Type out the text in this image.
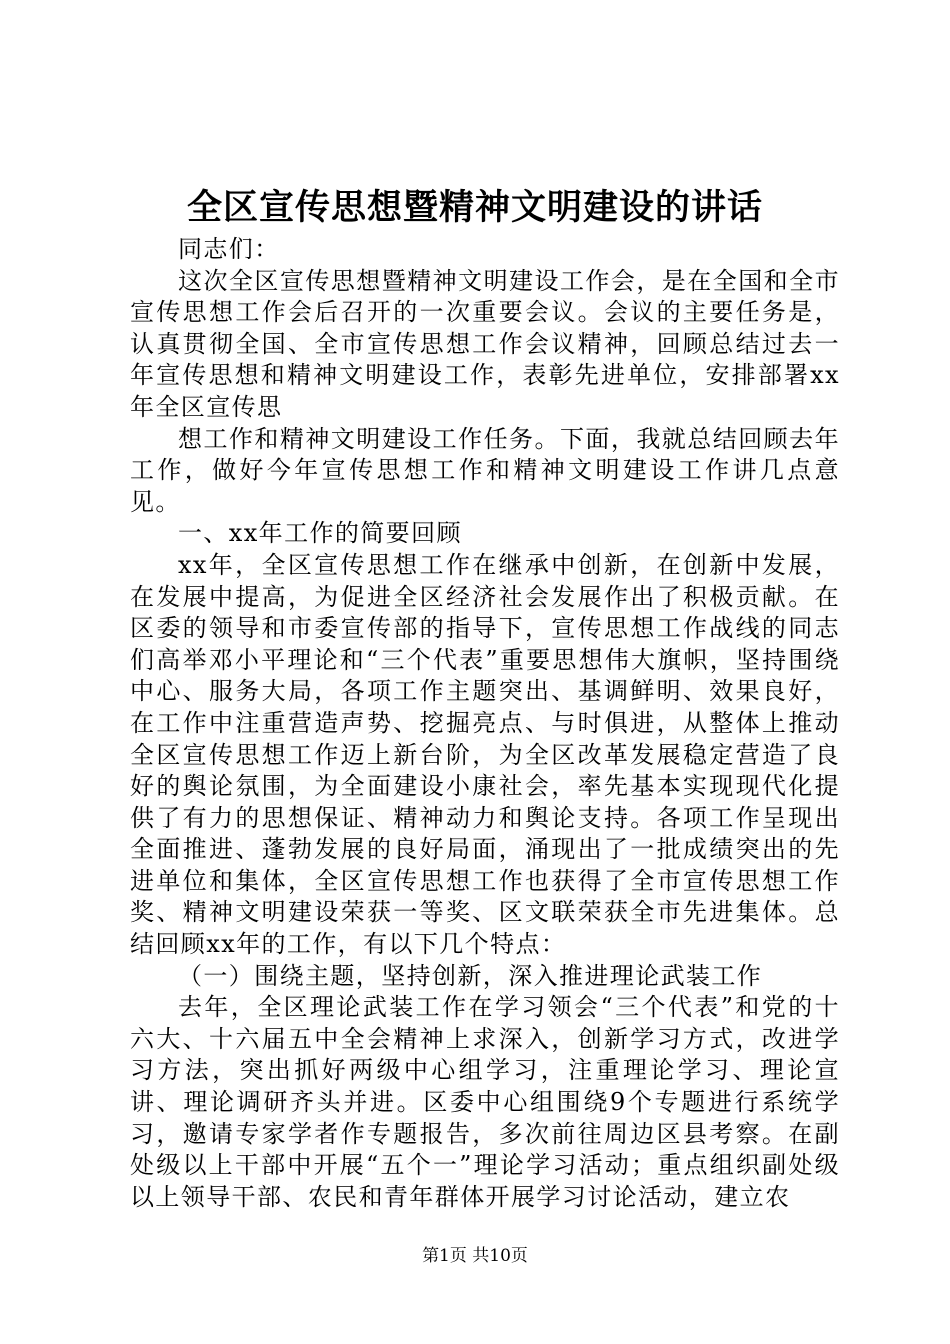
全区宣传思想暨精神文明建设的讲话

同志们：

这次全区宣传思想暨精神文明建设工作会，是在全国和全市宣传思想工作会后召开的一次重要会议。会议的主要任务是，认真贯彻全国、全市宣传思想工作会议精神，回顾总结过去一年宣传思想和精神文明建设工作，表彰先进单位，安排部署xx年全区宣传思

想工作和精神文明建设工作任务。下面，我就总结回顾去年工作，做好今年宣传思想工作和精神文明建设工作讲几点意见。

一、xx年工作的简要回顾

xx年，全区宣传思想工作在继承中创新，在创新中发展，在发展中提高，为促进全区经济社会发展作出了积极贡献。在区委的领导和市委宣传部的指导下，宣传思想工作战线的同志们高举邓小平理论和“三个代表”重要思想伟大旗帜，坚持围绕中心、服务大局，各项工作主题突出、基调鲜明、效果良好，在工作中注重营造声势、挖掘亮点、与时俱进，从整体上推动全区宣传思想工作迈上新台阶，为全区改革发展稳定营造了良好的舆论氛围，为全面建设小康社会，率先基本实现现代化提供了有力的思想保证、精神动力和舆论支持。各项工作呈现出全面推进、蓬勃发展的良好局面，涌现出了一批成绩突出的先进单位和集体，全区宣传思想工作也获得了全市宣传思想工作奖、精神文明建设荣获一等奖、区文联荣获全市先进集体。总结回顾xx年的工作，有以下几个特点：

（一）围绕主题，坚持创新，深入推进理论武装工作

去年，全区理论武装工作在学习领会“三个代表”和党的十六大、十六届五中全会精神上求深入，创新学习方式，改进学习方法，突出抓好两级中心组学习，注重理论学习、理论宣讲、理论调研齐头并进。区委中心组围绕9个专题进行系统学习，邀请专家学者作专题报告，多次前往周边区县考察。在副处级以上干部中开展“五个一”理论学习活动；重点组织副处级以上领导干部、农民和青年群体开展学习讨论活动，建立农

第1页 共10页
